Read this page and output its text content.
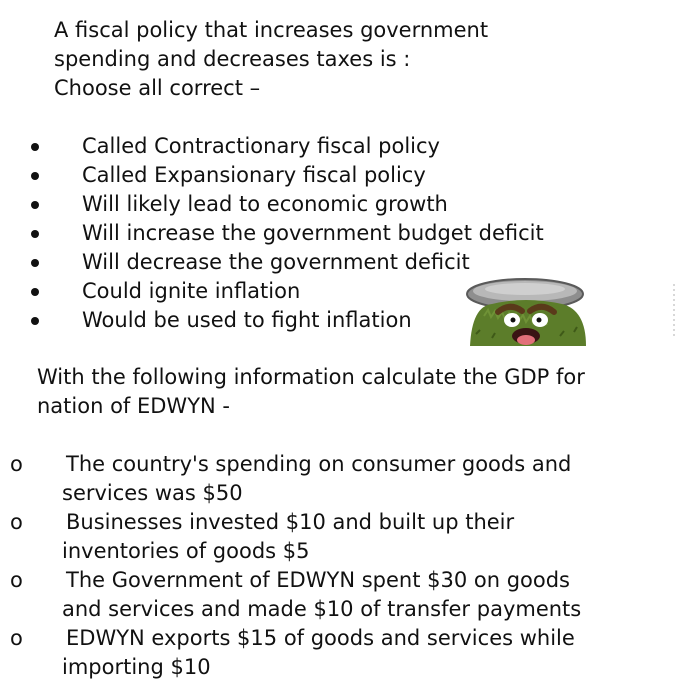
A fiscal policy that increases government
spending and decreases taxes is :
Choose all correct –
Called Contractionary fiscal policy
Called Expansionary fiscal policy
Will likely lead to economic growth
Will increase the government budget deficit
Will decrease the government deficit
Could ignite inflation
Would be used to fight inflation
With the following information calculate the GDP for
nation of EDWYN -
o	The country's spending on consumer goods and
services was $50
o	Businesses invested $10 and built up their
inventories of goods $5
o	The Government of EDWYN spent $30 on goods
and services and made $10 of transfer payments
o	EDWYN exports $15 of goods and services while
importing $10
